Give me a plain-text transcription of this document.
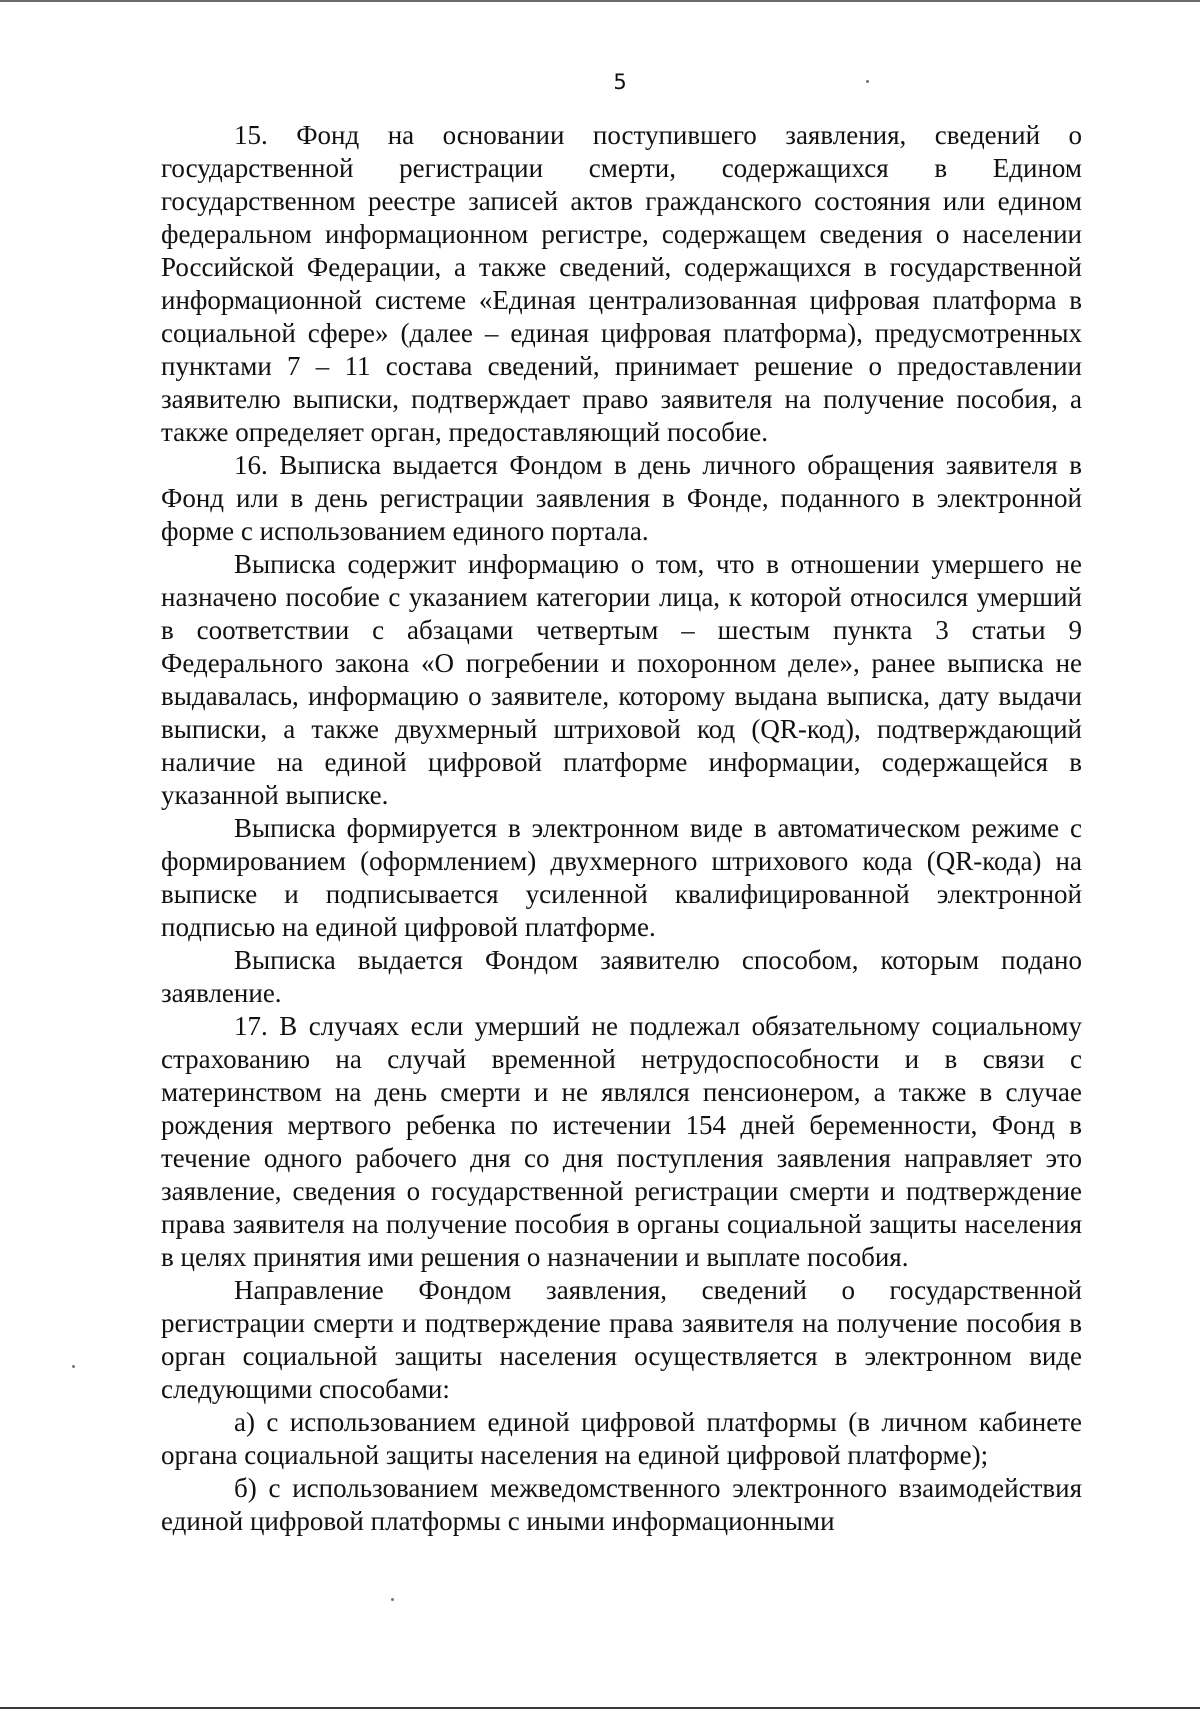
5

15. Фонд на основании поступившего заявления, сведений о государственной регистрации смерти, содержащихся в Едином государственном реестре записей актов гражданского состояния или едином федеральном информационном регистре, содержащем сведения о населении Российской Федерации, а также сведений, содержащихся в государственной информационной системе «Единая централизованная цифровая платформа в социальной сфере» (далее – единая цифровая платформа), предусмотренных пунктами 7 – 11 состава сведений, принимает решение о предоставлении заявителю выписки, подтверждает право заявителя на получение пособия, а также определяет орган, предоставляющий пособие.

16. Выписка выдается Фондом в день личного обращения заявителя в Фонд или в день регистрации заявления в Фонде, поданного в электронной форме с использованием единого портала.

Выписка содержит информацию о том, что в отношении умершего не назначено пособие с указанием категории лица, к которой относился умерший в соответствии с абзацами четвертым – шестым пункта 3 статьи 9 Федерального закона «О погребении и похоронном деле», ранее выписка не выдавалась, информацию о заявителе, которому выдана выписка, дату выдачи выписки, а также двухмерный штриховой код (QR-код), подтверждающий наличие на единой цифровой платформе информации, содержащейся в указанной выписке.

Выписка формируется в электронном виде в автоматическом режиме с формированием (оформлением) двухмерного штрихового кода (QR-кода) на выписке и подписывается усиленной квалифицированной электронной подписью на единой цифровой платформе.

Выписка выдается Фондом заявителю способом, которым подано заявление.

17. В случаях если умерший не подлежал обязательному социальному страхованию на случай временной нетрудоспособности и в связи с материнством на день смерти и не являлся пенсионером, а также в случае рождения мертвого ребенка по истечении 154 дней беременности, Фонд в течение одного рабочего дня со дня поступления заявления направляет это заявление, сведения о государственной регистрации смерти и подтверждение права заявителя на получение пособия в органы социальной защиты населения в целях принятия ими решения о назначении и выплате пособия.

Направление Фондом заявления, сведений о государственной регистрации смерти и подтверждение права заявителя на получение пособия в орган социальной защиты населения осуществляется в электронном виде следующими способами:

а) с использованием единой цифровой платформы (в личном кабинете органа социальной защиты населения на единой цифровой платформе);

б) с использованием межведомственного электронного взаимодействия единой цифровой платформы с иными информационными
